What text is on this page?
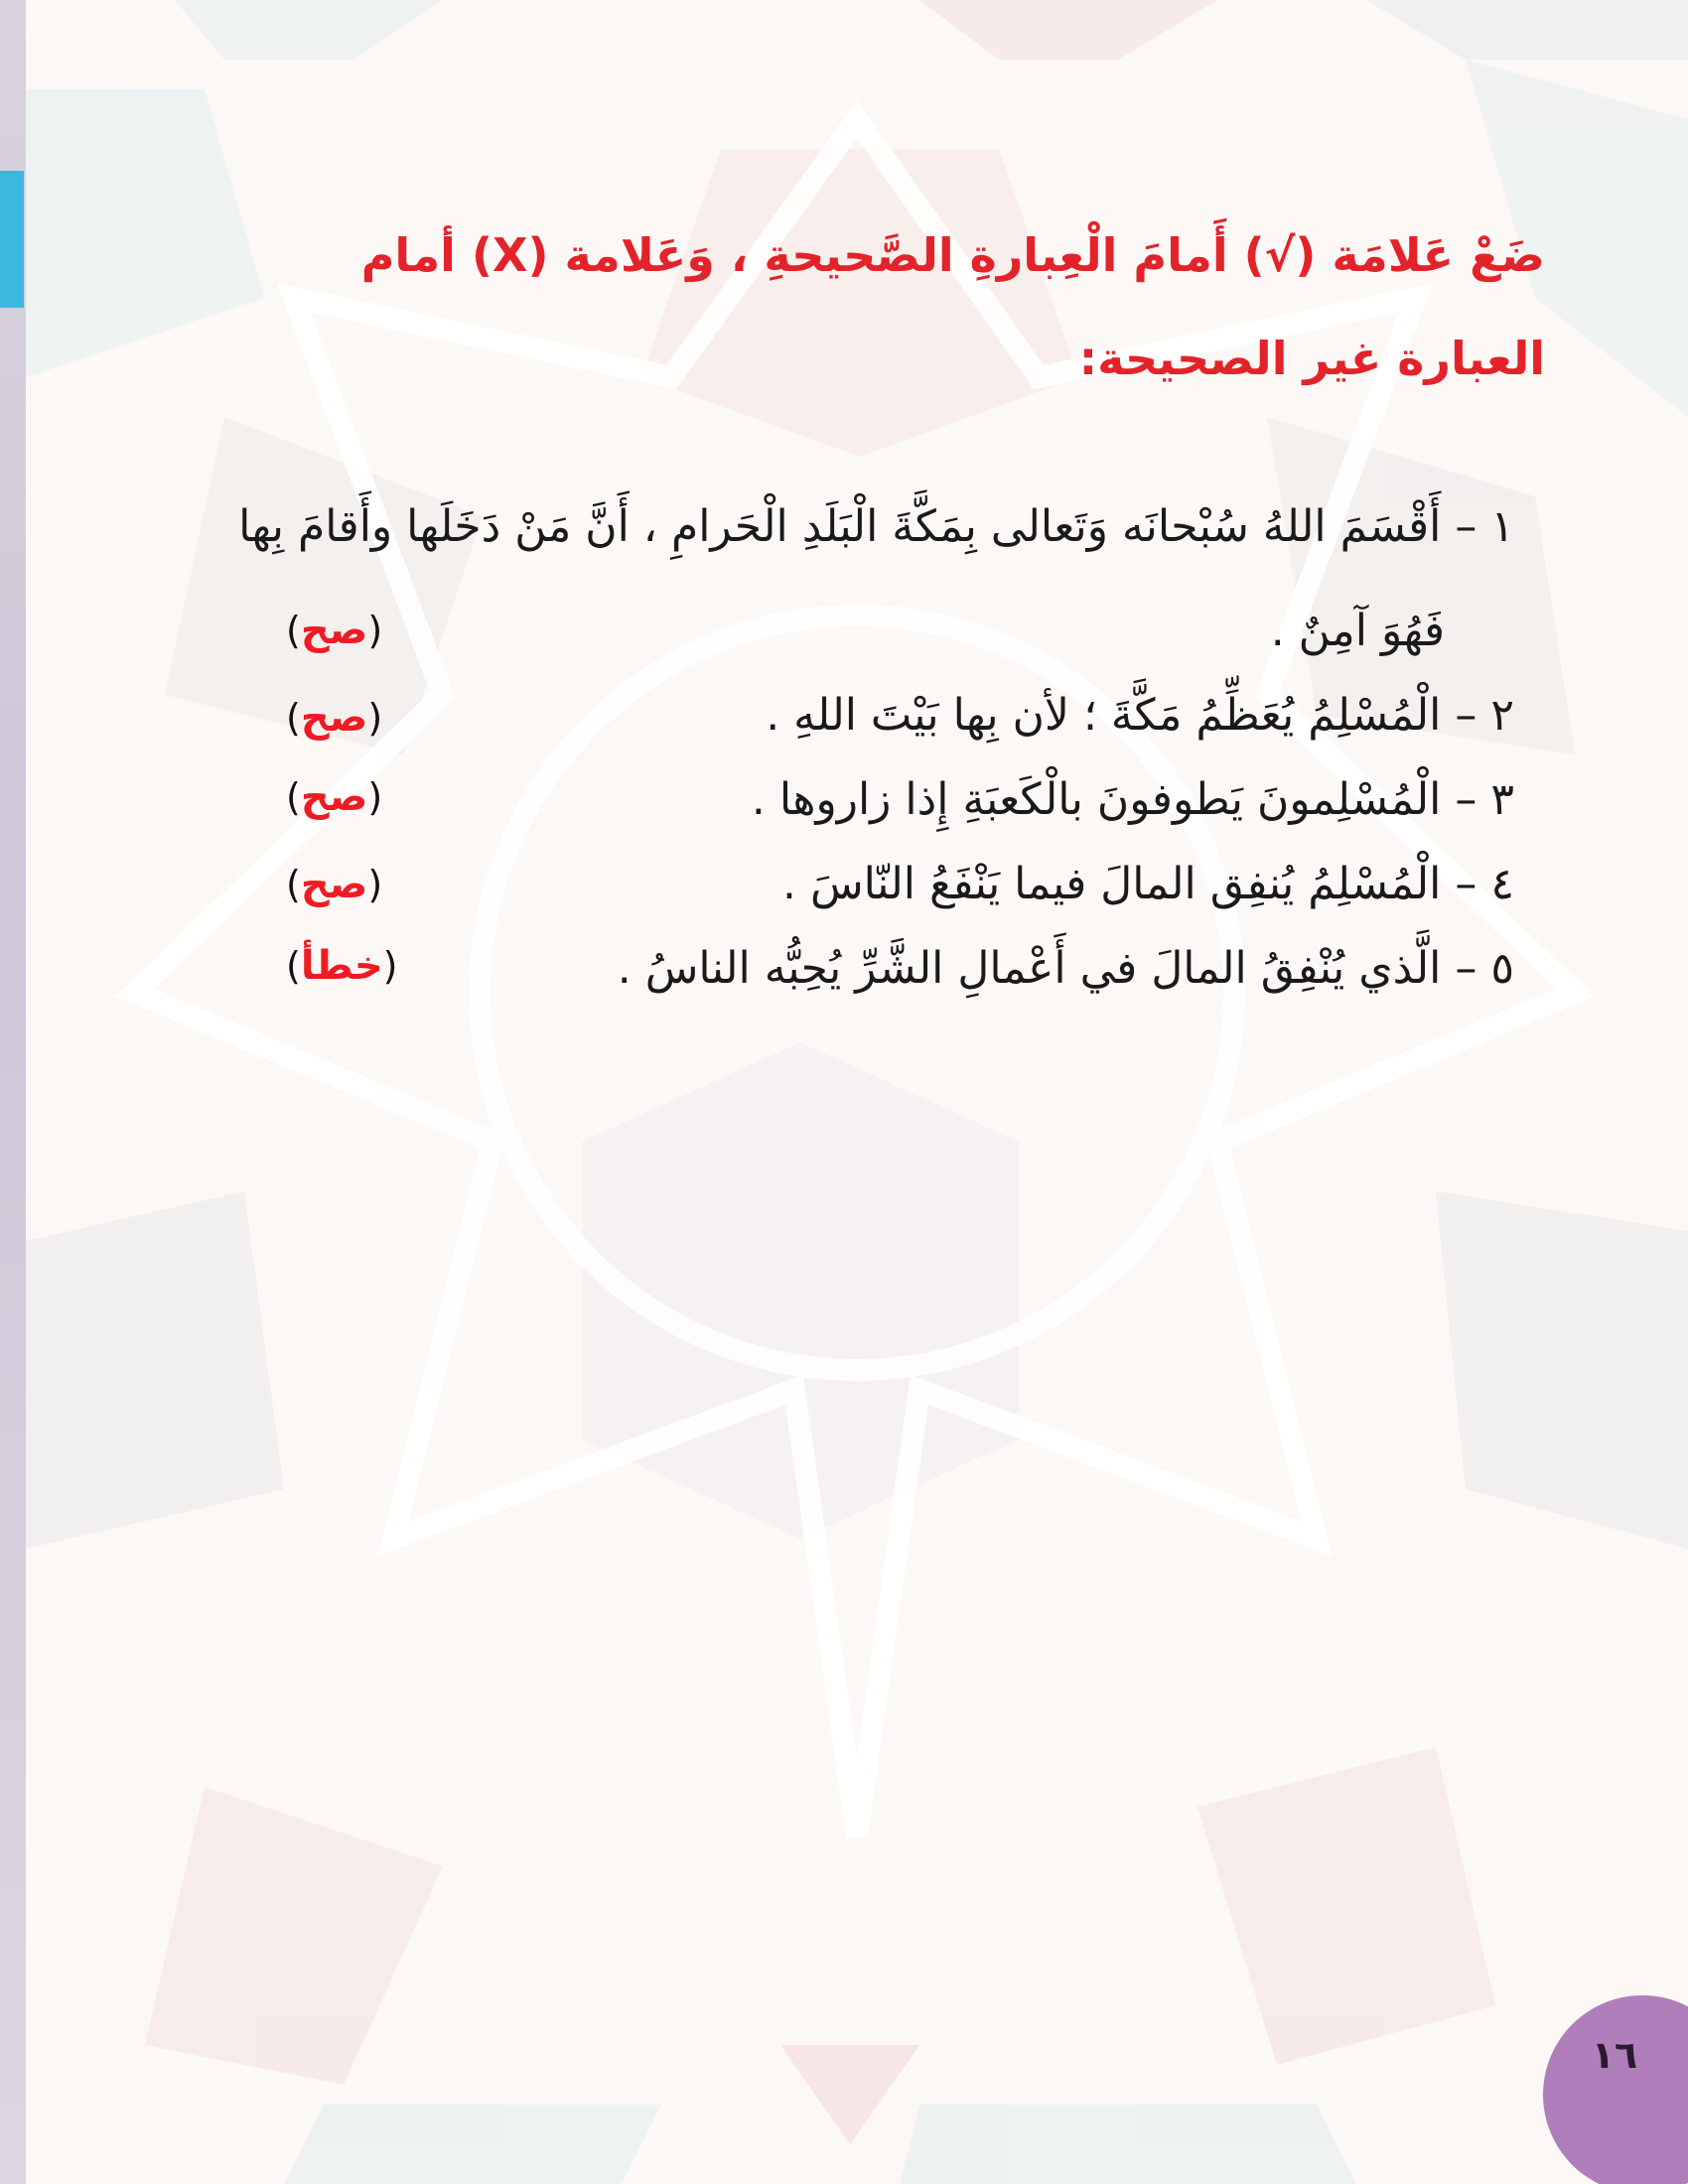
ضَعْ عَلامَة (√) أَمامَ الْعِبارةِ الصَّحيحةِ ، وَعَلامة (X) أمام العبارة غير الصحيحة:
١ – أَقْسَمَ اللهُ سُبْحانَه وَتَعالى بِمَكَّةَ الْبَلَدِ الْحَرامِ ، أَنَّ مَنْ دَخَلَها وأَقامَ بِها
فَهُوَ آمِنٌ .
٢ – الْمُسْلِمُ يُعَظِّمُ مَكَّةَ ؛ لأن بِها بَيْتَ اللهِ .
٣ – الْمُسْلِمونَ يَطوفونَ بالْكَعبَةِ إِذا زاروها .
٤ – الْمُسْلِمُ يُنفِق المالَ فيما يَنْفَعُ النّاسَ .
٥ – الَّذي يُنْفِقُ المالَ في أَعْمالِ الشَّرِّ يُحِبُّه الناسُ .
(صح)
(صح)
(صح)
(صح)
(خطأ)
١٦
